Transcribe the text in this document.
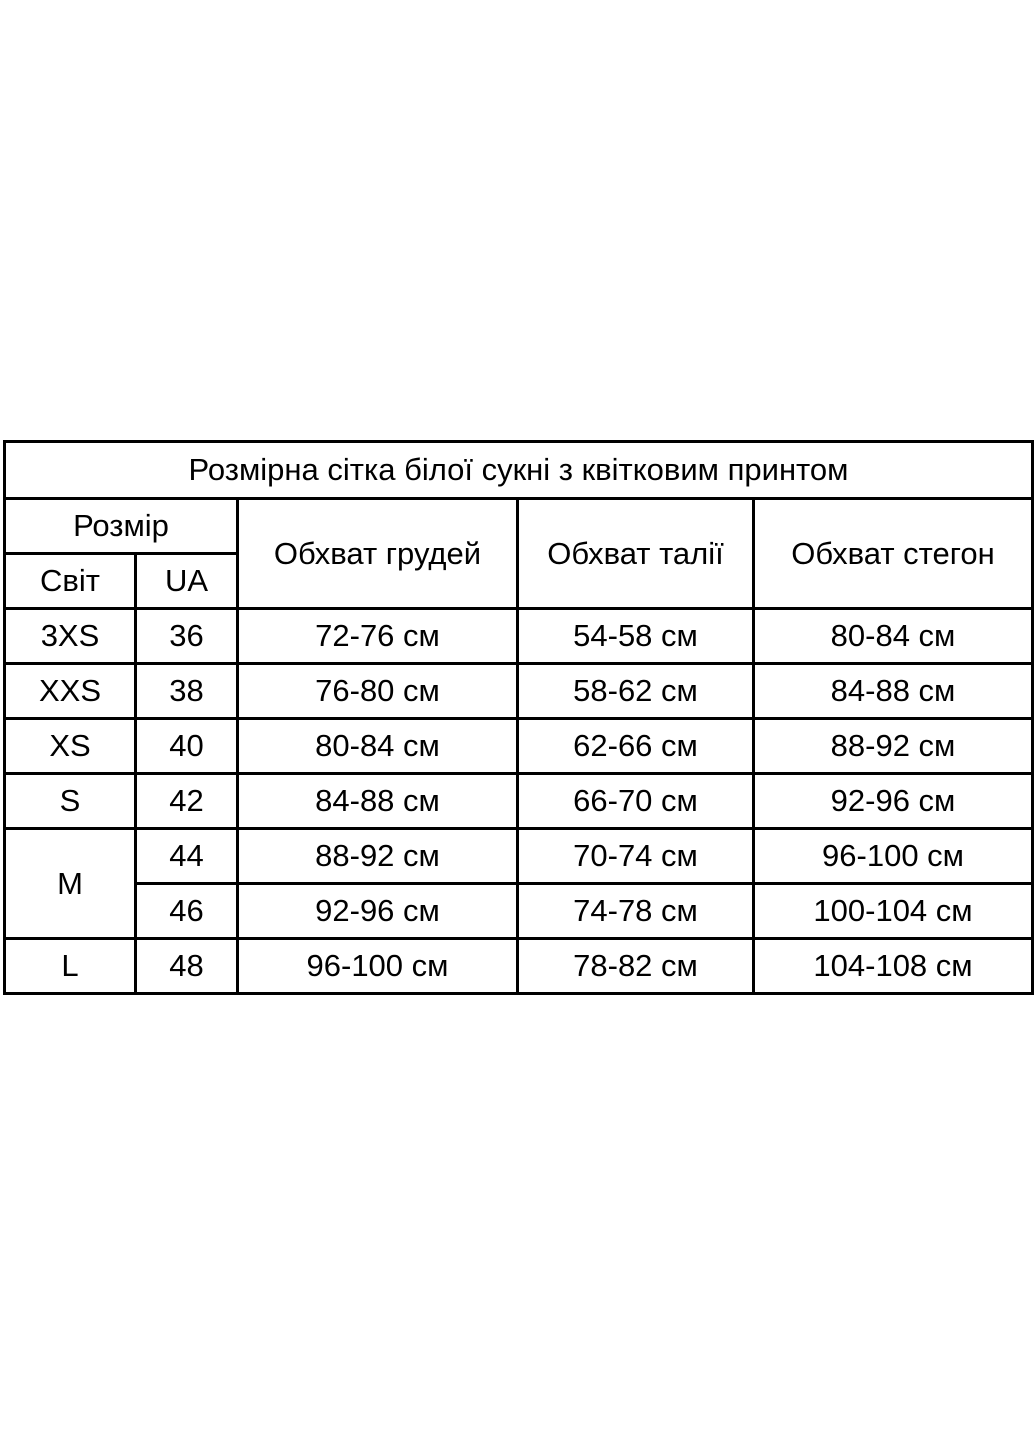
Розмірна сітка білої сукні з квітковим принтом				
Розмір		Обхват грудей	Обхват талії	Обхват стегон
Світ	UA			
3XS	36	72-76 см	54-58 см	80-84 см
XXS	38	76-80 см	58-62 см	84-88 см
XS	40	80-84 см	62-66 см	88-92 см
S	42	84-88 см	66-70 см	92-96 см
M	44	88-92 см	70-74 см	96-100 см
	46	92-96 см	74-78 см	100-104 см
L	48	96-100 см	78-82 см	104-108 см
